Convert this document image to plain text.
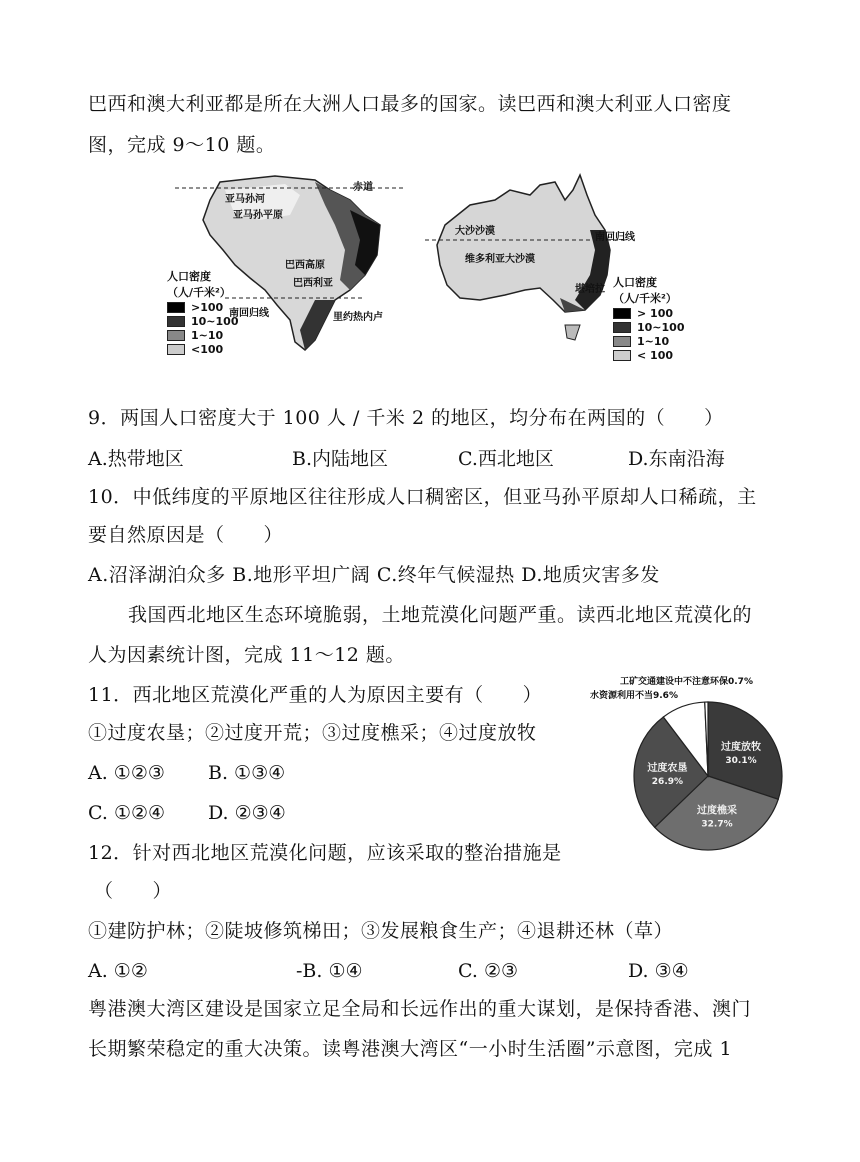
巴西和澳大利亚都是所在大洲人口最多的国家。读巴西和澳大利亚人口密度
图，完成 9～10 题。
赤道
亚马孙河
亚马孙平原
巴西高原
巴西利亚
南回归线	里约热内卢
人口密度
（人/千米²）
>100
10~100
1~10
<100
大沙沙漠
维多利亚大沙漠
南回归线
堪培拉
人口密度
（人/千米²）
> 100
10~100
1~10
< 100
9．两国人口密度大于 100 人 / 千米 2 的地区，均分布在两国的（　　）
A.热带地区	B.内陆地区	C.西北地区	D.东南沿海
10．中低纬度的平原地区往往形成人口稠密区，但亚马孙平原却人口稀疏，主
要自然原因是（　　）
A.沼泽湖泊众多 B.地形平坦广阔 C.终年气候湿热 D.地质灾害多发
我国西北地区生态环境脆弱，土地荒漠化问题严重。读西北地区荒漠化的
人为因素统计图，完成 11～12 题。
11．西北地区荒漠化严重的人为原因主要有（　　）
①过度农垦；②过度开荒；③过度樵采；④过度放牧
A. ①②③ B. ①③④
C. ①②④ D. ②③④
过度放牧
30.1%
过度樵采
32.7%
过度农垦
26.9%
工矿交通建设中不注意环保0.7%
水资源利用不当9.6%
12．针对西北地区荒漠化问题，应该采取的整治措施是
（　　）
①建防护林；②陡坡修筑梯田；③发展粮食生产；④退耕还林（草）
A. ①②	-B. ①④	C. ②③	D. ③④
粤港澳大湾区建设是国家立足全局和长远作出的重大谋划，是保持香港、澳门
长期繁荣稳定的重大决策。读粤港澳大湾区“一小时生活圈”示意图，完成 1
